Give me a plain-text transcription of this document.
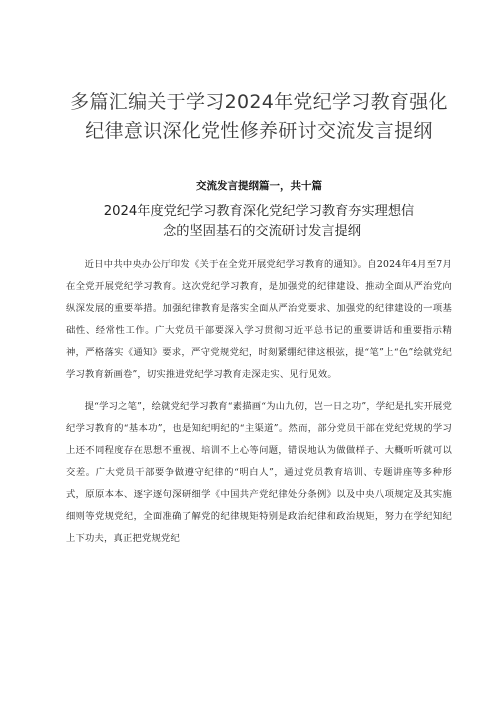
多篇汇编关于学习2024年党纪学习教育强化
纪律意识深化党性修养研讨交流发言提纲
交流发言提纲篇一，共十篇
2024年度党纪学习教育深化党纪学习教育夯实理想信
念的坚固基石的交流研讨发言提纲

近日中共中央办公厅印发《关于在全党开展党纪学习教育的通知》。自2024年4月至7月在全党开展党纪学习教育。这次党纪学习教育，是加强党的纪律建设、推动全面从严治党向纵深发展的重要举措。加强纪律教育是落实全面从严治党要求、加强党的纪律建设的一项基础性、经常性工作。广大党员干部要深入学习贯彻习近平总书记的重要讲话和重要指示精神，严格落实《通知》要求，严守党规党纪，时刻紧绷纪律这根弦，提“笔”上“色”绘就党纪学习教育新画卷”，切实推进党纪学习教育走深走实、见行见效。

提“学习之笔”，绘就党纪学习教育“素描画“为山九仞，岂一日之功”，学纪是扎实开展党纪学习教育的“基本功”，也是知纪明纪的“主渠道”。然而，部分党员干部在党纪党规的学习上还不同程度存在思想不重视、培训不上心等问题，错误地认为做做样子、大概听听就可以交差。广大党员干部要争做遵守纪律的“明白人”，通过党员教育培训、专题讲座等多种形式，原原本本、逐字逐句深研细学《中国共产党纪律处分条例》以及中央八项规定及其实施细则等党规党纪，全面准确了解党的纪律规矩特别是政治纪律和政治规矩，努力在学纪知纪上下功夫，真正把党规党纪
